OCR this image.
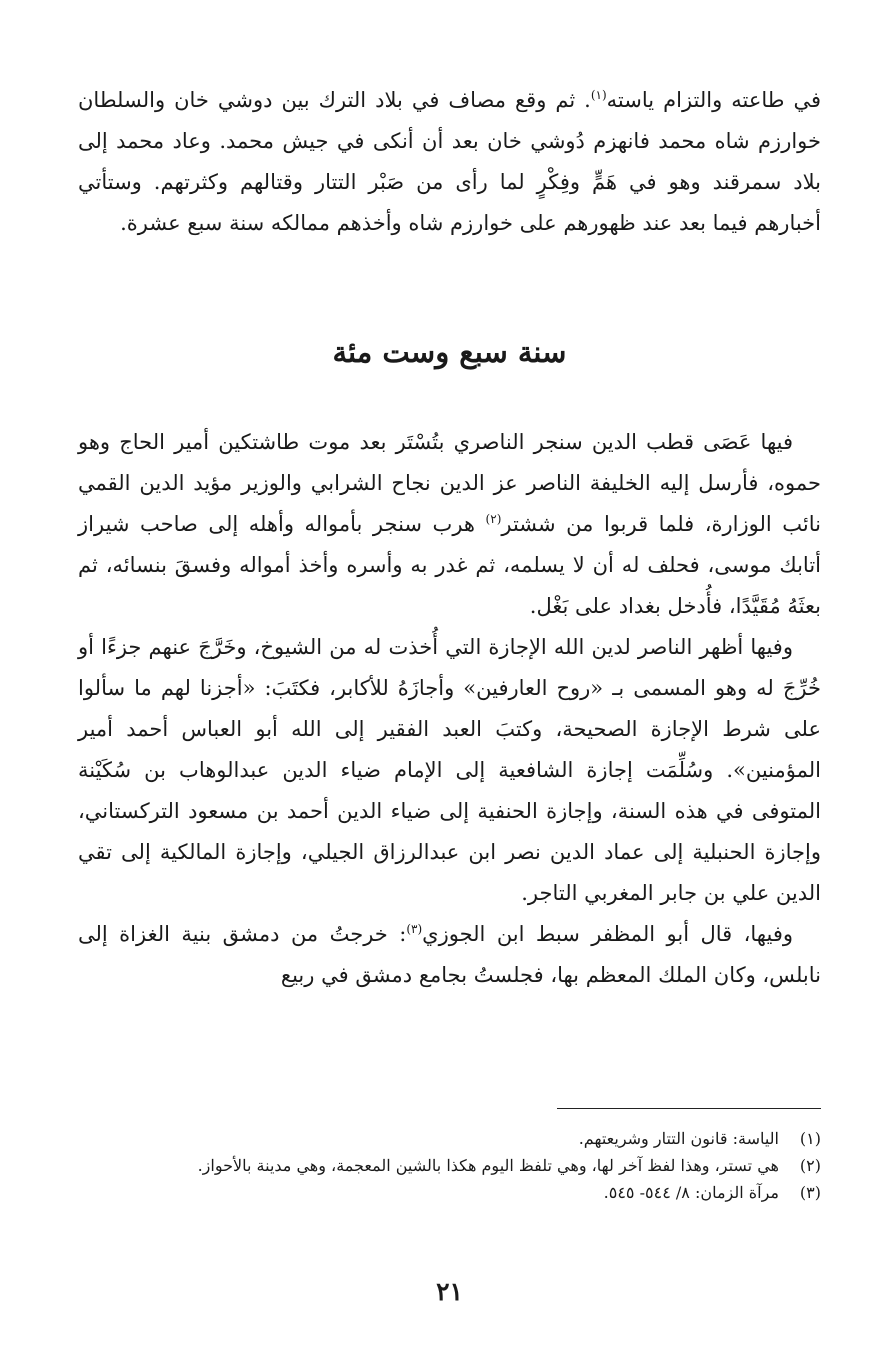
في طاعته والتزام ياسته$^{(١)}$. ثم وقع مصاف في بلاد الترك بين دوشي خان والسلطان خوارزم شاه محمد فانهزم دُوشي خان بعد أن أنكى في جيش محمد. وعاد محمد إلى بلاد سمرقند وهو في هَمٍّ وفِكْرٍ لما رأى من صَبْر التتار وقتالهم وكثرتهم. وستأتي أخبارهم فيما بعد عند ظهورهم على خوارزم شاه وأخذهم ممالكه سنة سبع عشرة.

سنة سبع وست مئة

فيها عَصَى قطب الدين سنجر الناصري بتُسْتَر بعد موت طاشتكين أمير الحاج وهو حموه، فأرسل إليه الخليفة الناصر عز الدين نجاح الشرابي والوزير مؤيد الدين القمي نائب الوزارة، فلما قربوا من ششتر$^{(٢)}$ هرب سنجر بأمواله وأهله إلى صاحب شيراز أتابك موسى، فحلف له أن لا يسلمه، ثم غدر به وأسره وأخذ أمواله وفسقَ بنسائه، ثم بعثَهُ مُقَيَّدًا، فأُدخل بغداد على بَغْل.

وفيها أظهر الناصر لدين الله الإجازة التي أُخذت له من الشيوخ، وخَرَّجَ عنهم جزءًا أو خُرِّجَ له وهو المسمى بـ «روح العارفين» وأجازَهُ للأكابر، فكتَبَ: «أجزنا لهم ما سألوا على شرط الإجازة الصحيحة، وكتبَ العبد الفقير إلى الله أبو العباس أحمد أمير المؤمنين». وسُلِّمَت إجازة الشافعية إلى الإمام ضياء الدين عبدالوهاب بن سُكَيْنة المتوفى في هذه السنة، وإجازة الحنفية إلى ضياء الدين أحمد بن مسعود التركستاني، وإجازة الحنبلية إلى عماد الدين نصر ابن عبدالرزاق الجيلي، وإجازة المالكية إلى تقي الدين علي بن جابر المغربي التاجر.

وفيها، قال أبو المظفر سبط ابن الجوزي$^{(٣)}$: خرجتُ من دمشق بنية الغزاة إلى نابلس، وكان الملك المعظم بها، فجلستُ بجامع دمشق في ربيع

(١)
الياسة: قانون التتار وشريعتهم.
(٢)
هي تستر، وهذا لفظ آخر لها، وهي تلفظ اليوم هكذا بالشين المعجمة، وهي مدينة بالأحواز.
(٣)
مرآة الزمان: ٨/ ٥٤٤- ٥٤٥.
٢١
